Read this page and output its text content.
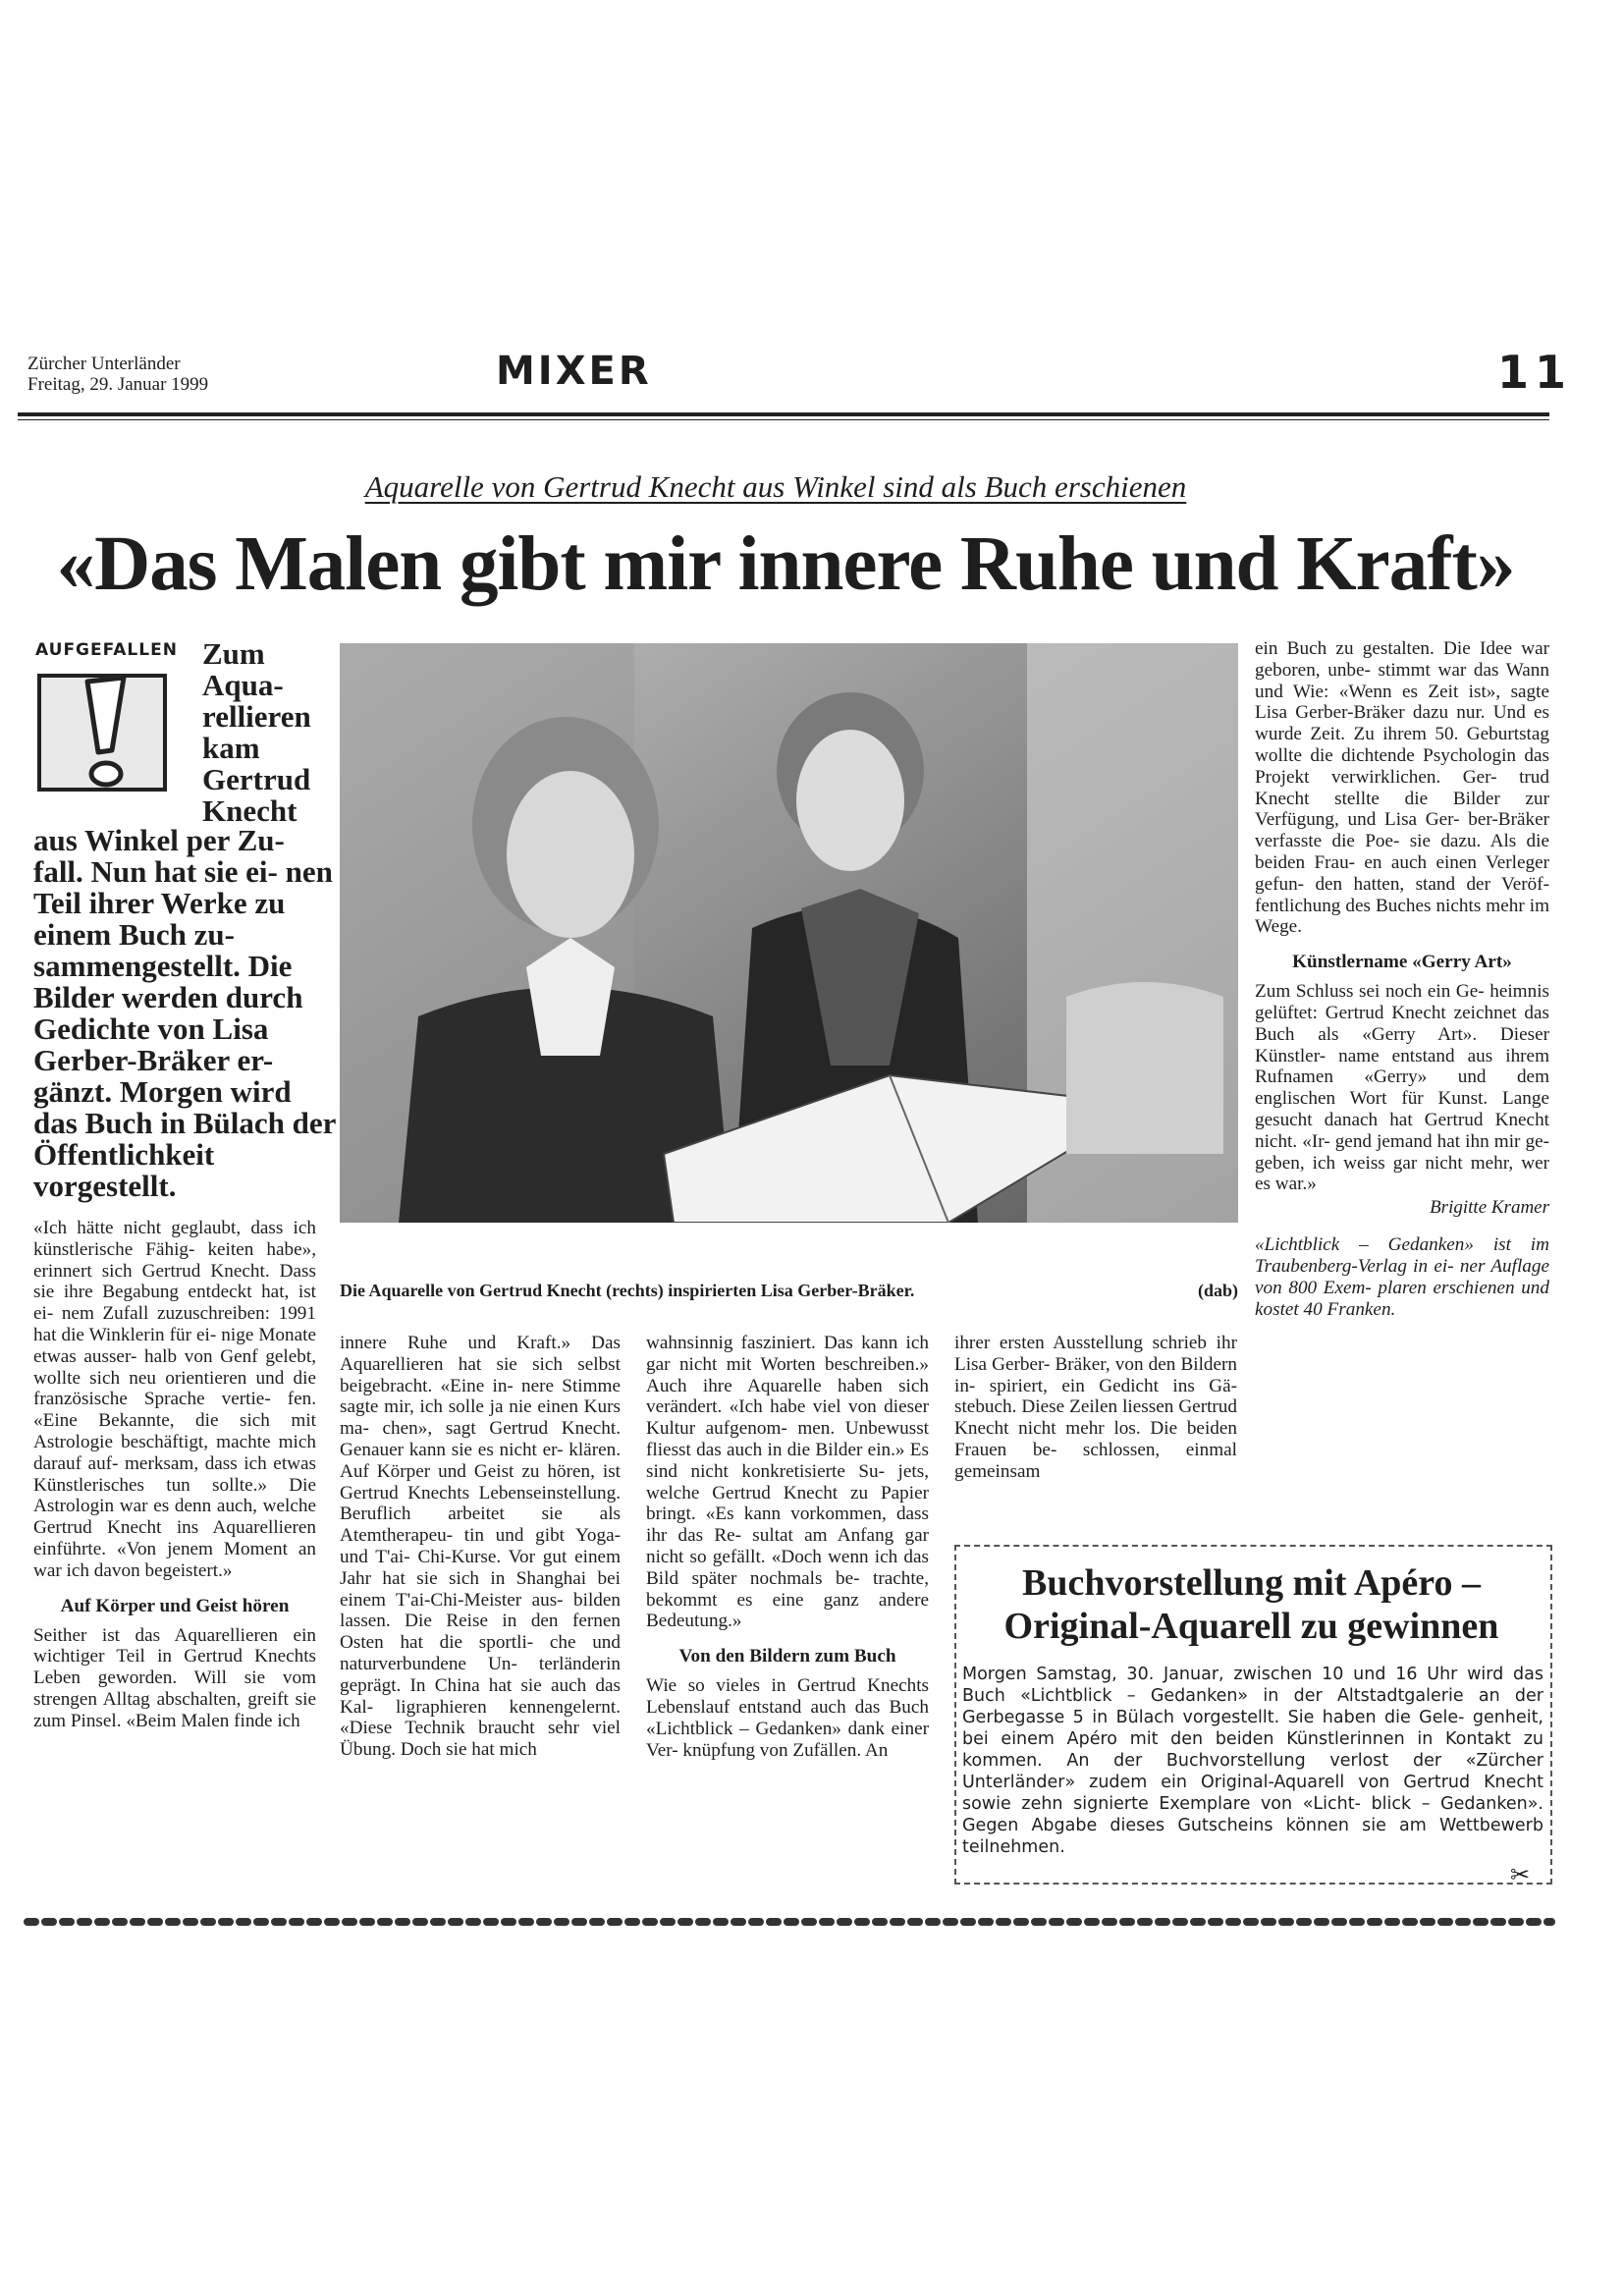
Zürcher Unterländer
Freitag, 29. Januar 1999	MIXER	11
Aquarelle von Gertrud Knecht aus Winkel sind als Buch erschienen
«Das Malen gibt mir innere Ruhe und Kraft»
AUFGEFALLEN Zum Aqua- rellieren kam Gertrud Knecht
aus Winkel per Zu- fall. Nun hat sie ei- nen Teil ihrer Werke zu einem Buch zu- sammengestellt. Die Bilder werden durch Gedichte von Lisa Gerber-Bräker er- gänzt. Morgen wird das Buch in Bülach der Öffentlichkeit vorgestellt.
«Ich hätte nicht geglaubt, dass ich künstlerische Fähig- keiten habe», erinnert sich Gertrud Knecht. Dass sie ihre Begabung entdeckt hat, ist ei- nem Zufall zuzuschreiben: 1991 hat die Winklerin für ei- nige Monate etwas ausser- halb von Genf gelebt, wollte sich neu orientieren und die französische Sprache vertie- fen. «Eine Bekannte, die sich mit Astrologie beschäftigt, machte mich darauf auf- merksam, dass ich etwas Künstlerisches tun sollte.» Die Astrologin war es denn auch, welche Gertrud Knecht ins Aquarellieren einführte. «Von jenem Moment an war ich davon begeistert.»
Auf Körper und Geist hören
Seither ist das Aquarellieren ein wichtiger Teil in Gertrud Knechts Leben geworden. Will sie vom strengen Alltag abschalten, greift sie zum Pinsel. «Beim Malen finde ich
Die Aquarelle von Gertrud Knecht (rechts) inspirierten Lisa Gerber-Bräker.	(dab)
innere Ruhe und Kraft.» Das Aquarellieren hat sie sich selbst beigebracht. «Eine in- nere Stimme sagte mir, ich solle ja nie einen Kurs ma- chen», sagt Gertrud Knecht. Genauer kann sie es nicht er- klären. Auf Körper und Geist zu hören, ist Gertrud Knechts Lebenseinstellung. Beruflich arbeitet sie als Atemtherapeu- tin und gibt Yoga- und T'ai- Chi-Kurse. Vor gut einem Jahr hat sie sich in Shanghai bei einem T'ai-Chi-Meister aus- bilden lassen. Die Reise in den fernen Osten hat die sportli- che und naturverbundene Un- terländerin geprägt. In China hat sie auch das Kal- ligraphieren kennengelernt. «Diese Technik braucht sehr viel Übung. Doch sie hat mich
wahnsinnig fasziniert. Das kann ich gar nicht mit Worten beschreiben.» Auch ihre Aquarelle haben sich verändert. «Ich habe viel von dieser Kultur aufgenom- men. Unbewusst fliesst das auch in die Bilder ein.» Es sind nicht konkretisierte Su- jets, welche Gertrud Knecht zu Papier bringt. «Es kann vorkommen, dass ihr das Re- sultat am Anfang gar nicht so gefällt. «Doch wenn ich das Bild später nochmals be- trachte, bekommt es eine ganz andere Bedeutung.»
Von den Bildern zum Buch
Wie so vieles in Gertrud Knechts Lebenslauf entstand auch das Buch «Lichtblick – Gedanken» dank einer Ver- knüpfung von Zufällen. An
ihrer ersten Ausstellung schrieb ihr Lisa Gerber- Bräker, von den Bildern in- spiriert, ein Gedicht ins Gä- stebuch. Diese Zeilen liessen Gertrud Knecht nicht mehr los. Die beiden Frauen be- schlossen, einmal gemeinsam
ein Buch zu gestalten. Die Idee war geboren, unbe- stimmt war das Wann und Wie: «Wenn es Zeit ist», sagte Lisa Gerber-Bräker dazu nur. Und es wurde Zeit. Zu ihrem 50. Geburtstag wollte die dichtende Psychologin das Projekt verwirklichen. Ger- trud Knecht stellte die Bilder zur Verfügung, und Lisa Ger- ber-Bräker verfasste die Poe- sie dazu. Als die beiden Frau- en auch einen Verleger gefun- den hatten, stand der Veröf- fentlichung des Buches nichts mehr im Wege.
Künstlername «Gerry Art»
Zum Schluss sei noch ein Ge- heimnis gelüftet: Gertrud Knecht zeichnet das Buch als «Gerry Art». Dieser Künstler- name entstand aus ihrem Rufnamen «Gerry» und dem englischen Wort für Kunst. Lange gesucht danach hat Gertrud Knecht nicht. «Ir- gend jemand hat ihn mir ge- geben, ich weiss gar nicht mehr, wer es war.»
Brigitte Kramer
«Lichtblick – Gedanken» ist im Traubenberg-Verlag in ei- ner Auflage von 800 Exem- plaren erschienen und kostet 40 Franken.
Buchvorstellung mit Apéro –
Original-Aquarell zu gewinnen
Morgen Samstag, 30. Januar, zwischen 10 und 16 Uhr wird das Buch «Lichtblick – Gedanken» in der Altstadtgalerie an der Gerbegasse 5 in Bülach vorgestellt. Sie haben die Gele- genheit, bei einem Apéro mit den beiden Künstlerinnen in Kontakt zu kommen. An der Buchvorstellung verlost der «Zürcher Unterländer» zudem ein Original-Aquarell von Gertrud Knecht sowie zehn signierte Exemplare von «Licht- blick – Gedanken». Gegen Abgabe dieses Gutscheins können sie am Wettbewerb teilnehmen.
✂
